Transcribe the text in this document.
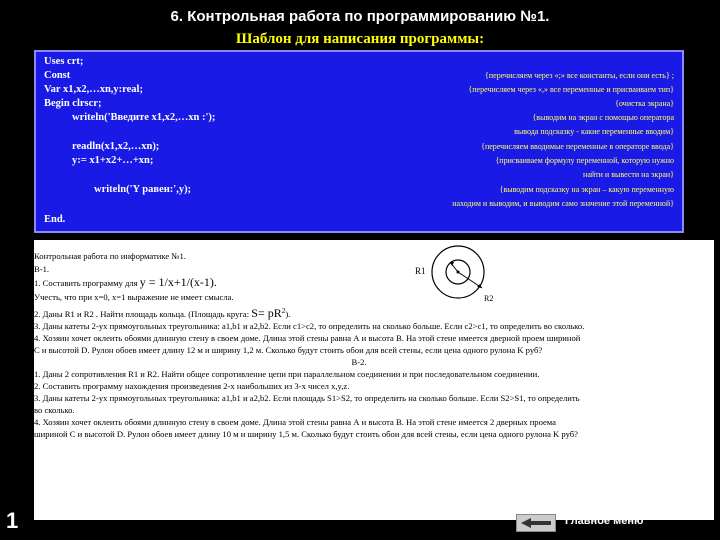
6. Контрольная работа по программированию №1.
Шаблон для написания программы:
Uses crt;
Const	{перечисляем через «;» все константы, если они есть} ;
Var x1,x2,…xn,y:real;	{перечисляем через «,» все переменные и присваиваем тип}
Begin clrscr;	{очистка экрана}
writeln('Введите x1,x2,…xn :');	{выводим на экран с помощью оператора
вывода подсказку - какие переменные вводим}
readln(x1,x2,…xn);	{перечисляем вводимые переменные в операторе ввода}
y:= x1+x2+…+xn;	{присваиваем формулу переменной, которую нужно
найти и вывести на экран}
writeln('Y равен:',y);	{выводим подсказку на экран – какую переменную
находим и выводим, и выводим само значение этой переменной}
End.
Контрольная работа по информатике №1.
В-1.
1. Составить программу для y = 1/x+1/(x-1).
Учесть, что при x=0, x=1 выражение не имеет смысла.
2. Даны R1 и R2 . Найти площадь кольца. (Площадь круга: $S= pR^2$).
3. Даны катеты 2-ух прямоугольных треугольника: a1,b1 и a2,b2. Если c1>c2, то определить на сколько больше. Если c2>c1, то определить во сколько.
4. Хозяин хочет оклеить обоями длинную стену в своем доме. Длина этой стены равна А и высота В. На этой стене имеется дверной проем шириной
С и высотой D. Рулон обоев имеет длину 12 м и ширину 1,2 м. Сколько будут стоить обои для всей стены, если цена одного рулона K руб?
В-2.
1. Даны 2 сопротивления R1 и R2. Найти общее сопротивление цепи при параллельном соединении и при последовательном соединении.
2. Составить программу нахождения произведения 2-х наибольших из 3-х чисел x,y,z.
3. Даны катеты 2-ух прямоугольных треугольника: a1,b1 и a2,b2. Если площадь S1>S2, то определить на сколько больше. Если S2>S1, то определить
во сколько.
4. Хозяин хочет оклеить обоями длинную стену в своем доме. Длина этой стены равна А и высота В. На этой стене имеется 2 дверных проема
шириной С и высотой D. Рулон обоев имеет длину 10 м и ширину 1,5 м. Сколько будут стоить обои для всей стены, если цена одного рулона K руб?
R1
R2
1	Главное меню
